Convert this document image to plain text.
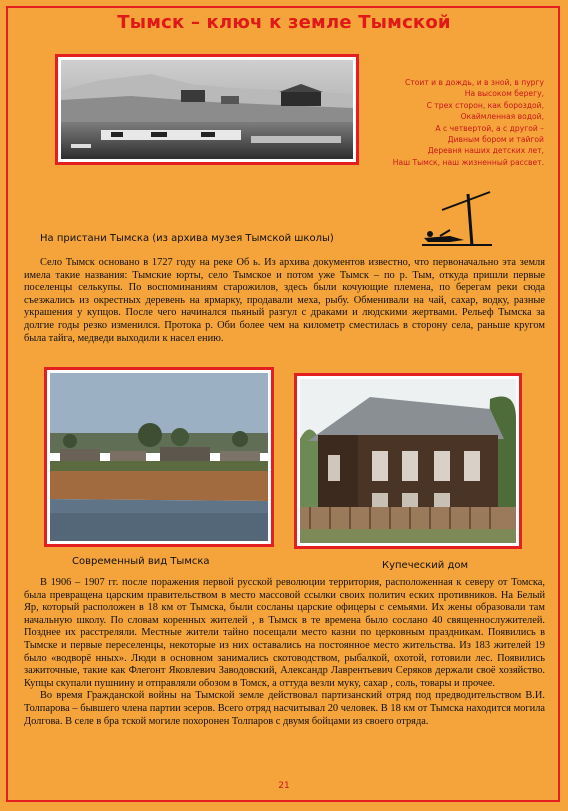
Тымск – ключ к земле Тымской
Стоит и в дождь, и в зной, в пургу
На высоком берегу,
С трех сторон, как бороздой,
Окаймленная водой,
А с четвертой, а с другой –
Дивным бором и тайгой
Деревня наших детских лет,
Наш Тымск, наш жизненный рассвет.
На пристани Тымска (из архива музея Тымской школы)

Село Тымск основано в 1727 году на реке Об ь. Из архива документов известно, что первоначально эта земля имела такие названия: Тымские юрты, село Тымское и потом уже Тымск – по р. Тым, откуда пришли первые поселенцы селькупы. По воспоминаниям старожилов, здесь были кочующие племена, по берегам реки сюда съезжались из окрестных деревень на ярмарку, продавали меха, рыбу. Обменивали на чай, сахар, водку, разные украшения у купцов. После чего начинался пьяный разгул с драками и людскими жертвами. Рельеф Тымска за долгие годы резко изменился. Протока р. Оби более чем на километр сместилась в сторону села, раньше кругом была тайга, медведи выходили к насел ению.

Современный вид Тымска	Купеческий дом

В 1906 – 1907 гг. после поражения первой русской революции территория, расположенная к северу от Томска, была превращена царским правительством в место массовой ссылки своих политич еских противников. На Белый Яр, который расположен в 18 км от Тымска, были сосланы царские офицеры с семьями. Их жены образовали там начальную школу. По словам коренных жителей , в Тымск в те времена было сослано 40 священнослужителей. Позднее их расстреляли. Местные жители тайно посещали место казни по церковным праздникам. Появились в Тымске и первые переселенцы, некоторые из них оставались на постоянное место жительства. Из 183 жителей 19 было «водворё нных». Люди в основном занимались скотоводством, рыбалкой, охотой, готовили лес. Появились зажиточные, такие как Флегонт Яковлевич Заводовский, Александр Лаврентьевич Серяков держали своё хозяйство. Купцы скупали пушнину и отправляли обозом в Томск, а оттуда везли муку, сахар , соль, товары и прочее.

Во время Гражданской войны на Тымской земле действовал партизанский отряд под предводительством В.И. Толпарова – бывшего члена партии эсеров. Всего отряд насчитывал 20 человек. В 18 км от Тымска находится могила Долгова. В селе в бра тской могиле похоронен Толпаров с двумя бойцами из своего отряда.

21
